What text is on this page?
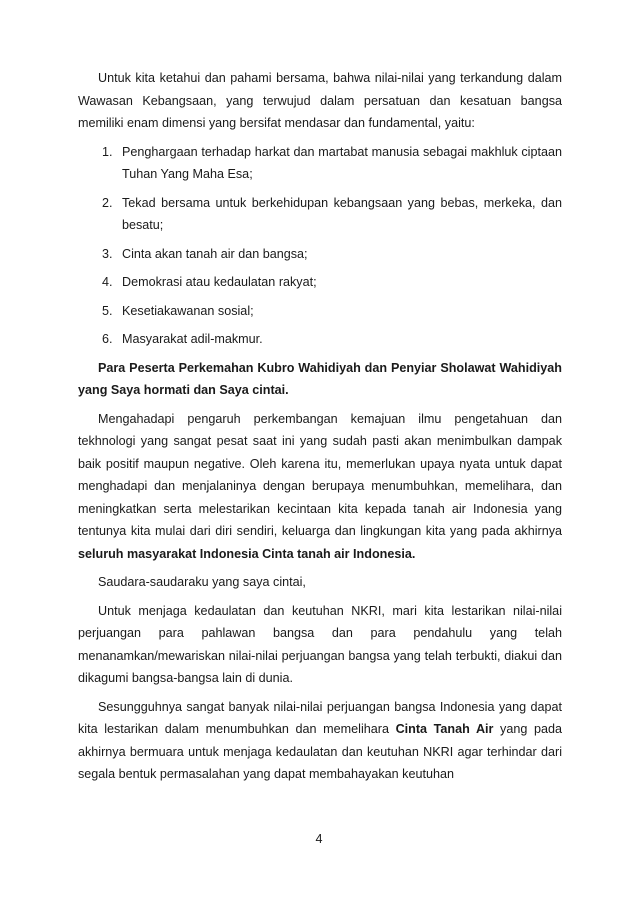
Untuk kita ketahui dan pahami bersama, bahwa nilai-nilai yang terkandung dalam Wawasan Kebangsaan, yang terwujud dalam persatuan dan kesatuan bangsa memiliki enam dimensi yang bersifat mendasar dan fundamental, yaitu:

1. Penghargaan terhadap harkat dan martabat manusia sebagai makhluk ciptaan Tuhan Yang Maha Esa;
2. Tekad bersama untuk berkehidupan kebangsaan yang bebas, merkeka, dan besatu;
3. Cinta akan tanah air dan bangsa;
4. Demokrasi atau kedaulatan rakyat;
5. Kesetiakawanan sosial;
6. Masyarakat adil-makmur.

Para Peserta Perkemahan Kubro Wahidiyah dan Penyiar Sholawat Wahidiyah yang Saya hormati dan Saya cintai.

Mengahadapi pengaruh perkembangan kemajuan ilmu pengetahuan dan tekhnologi yang sangat pesat saat ini yang sudah pasti akan menimbulkan dampak baik positif maupun negative. Oleh karena itu, memerlukan upaya nyata untuk dapat menghadapi dan menjalaninya dengan berupaya menumbuhkan, memelihara, dan meningkatkan serta melestarikan kecintaan kita kepada tanah air Indonesia yang tentunya kita mulai dari diri sendiri, keluarga dan lingkungan kita yang pada akhirnya seluruh masyarakat Indonesia Cinta tanah air Indonesia.

Saudara-saudaraku yang saya cintai,

Untuk menjaga kedaulatan dan keutuhan NKRI, mari kita lestarikan nilai-nilai perjuangan para pahlawan bangsa dan para pendahulu yang telah menanamkan/mewariskan nilai-nilai perjuangan bangsa yang telah terbukti, diakui dan dikagumi bangsa-bangsa lain di dunia.

Sesungguhnya sangat banyak nilai-nilai perjuangan bangsa Indonesia yang dapat kita lestarikan dalam menumbuhkan dan memelihara Cinta Tanah Air yang pada akhirnya bermuara untuk menjaga kedaulatan dan keutuhan NKRI agar terhindar dari segala bentuk permasalahan yang dapat membahayakan keutuhan

4
